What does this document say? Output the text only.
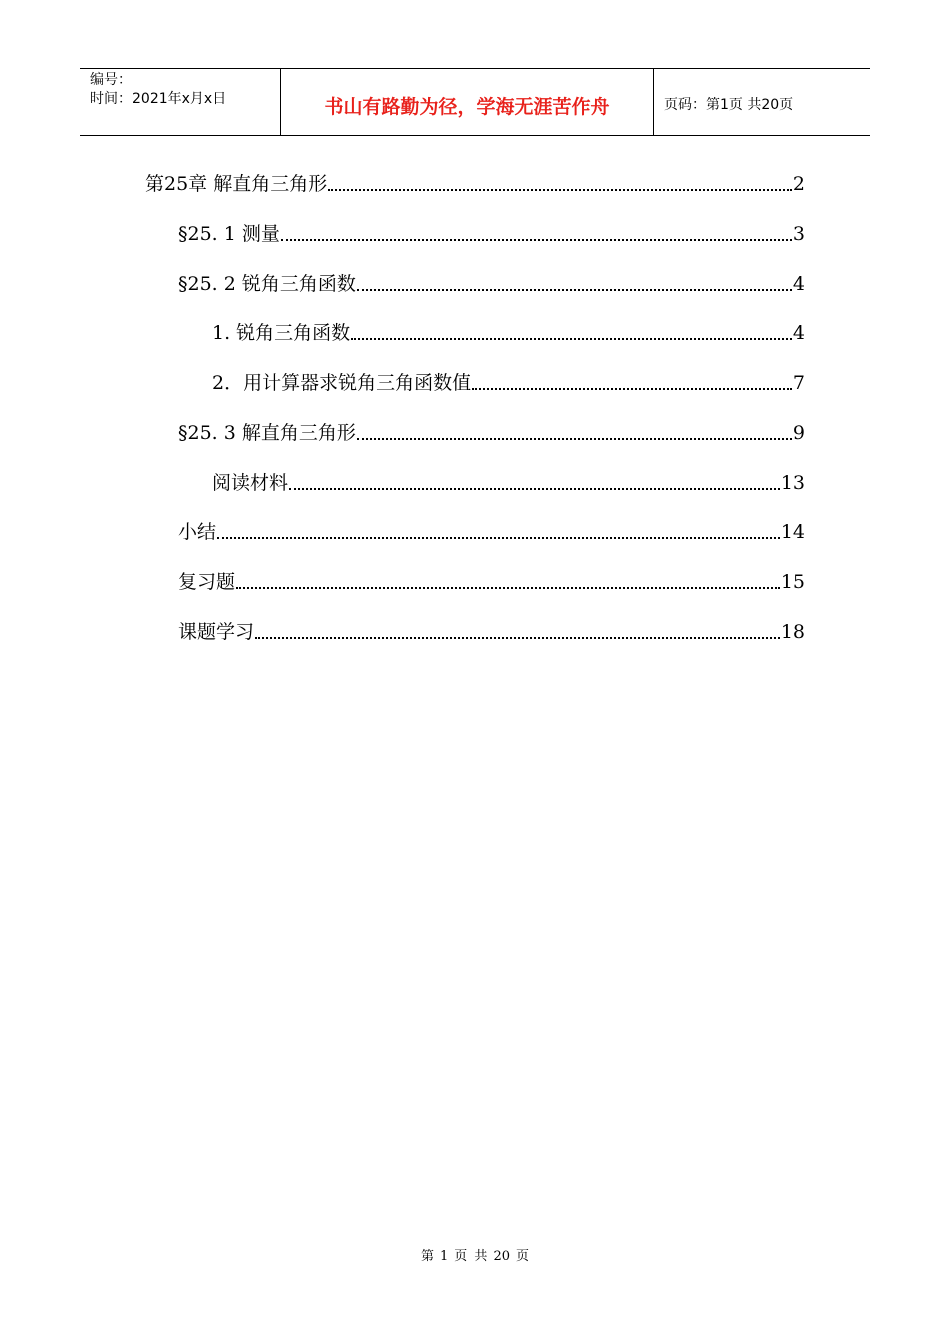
编号：
时间：2021年x月x日	书山有路勤为径，学海无涯苦作舟	页码：第1页 共20页
第25章 解直角三角形	2
§25. 1 测量	3
§25. 2 锐角三角函数	4
1. 锐角三角函数	4
2．用计算器求锐角三角函数值	7
§25. 3 解直角三角形	9
阅读材料	13
小结	14
复习题	15
课题学习	18
第 1 页 共 20 页
